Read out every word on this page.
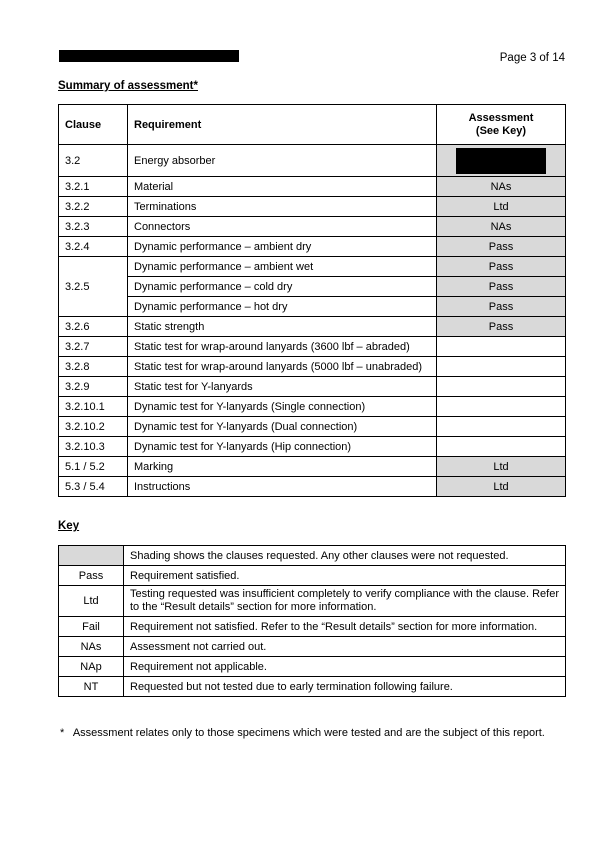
Page 3 of 14
Summary of assessment*
Clause	Requirement	Assessment
(See Key)
3.2	Energy absorber	
3.2.1	Material	NAs
3.2.2	Terminations	Ltd
3.2.3	Connectors	NAs
3.2.4	Dynamic performance – ambient dry	Pass
3.2.5	Dynamic performance – ambient wet	Pass
	Dynamic performance – cold dry	Pass
	Dynamic performance – hot dry	Pass
3.2.6	Static strength	Pass
3.2.7	Static test for wrap-around lanyards (3600 lbf – abraded)	
3.2.8	Static test for wrap-around lanyards (5000 lbf – unabraded)	
3.2.9	Static test for Y-lanyards	
3.2.10.1	Dynamic test for Y-lanyards (Single connection)	
3.2.10.2	Dynamic test for Y-lanyards (Dual connection)	
3.2.10.3	Dynamic test for Y-lanyards (Hip connection)	
5.1 / 5.2	Marking	Ltd
5.3 / 5.4	Instructions	Ltd
Key
	Shading shows the clauses requested. Any other clauses were not requested.
Pass	Requirement satisfied.
Ltd	Testing requested was insufficient completely to verify compliance with the clause. Refer to the “Result details” section for more information.
Fail	Requirement not satisfied. Refer to the “Result details” section for more information.
NAs	Assessment not carried out.
NAp	Requirement not applicable.
NT	Requested but not tested due to early termination following failure.
* Assessment relates only to those specimens which were tested and are the subject of this report.
